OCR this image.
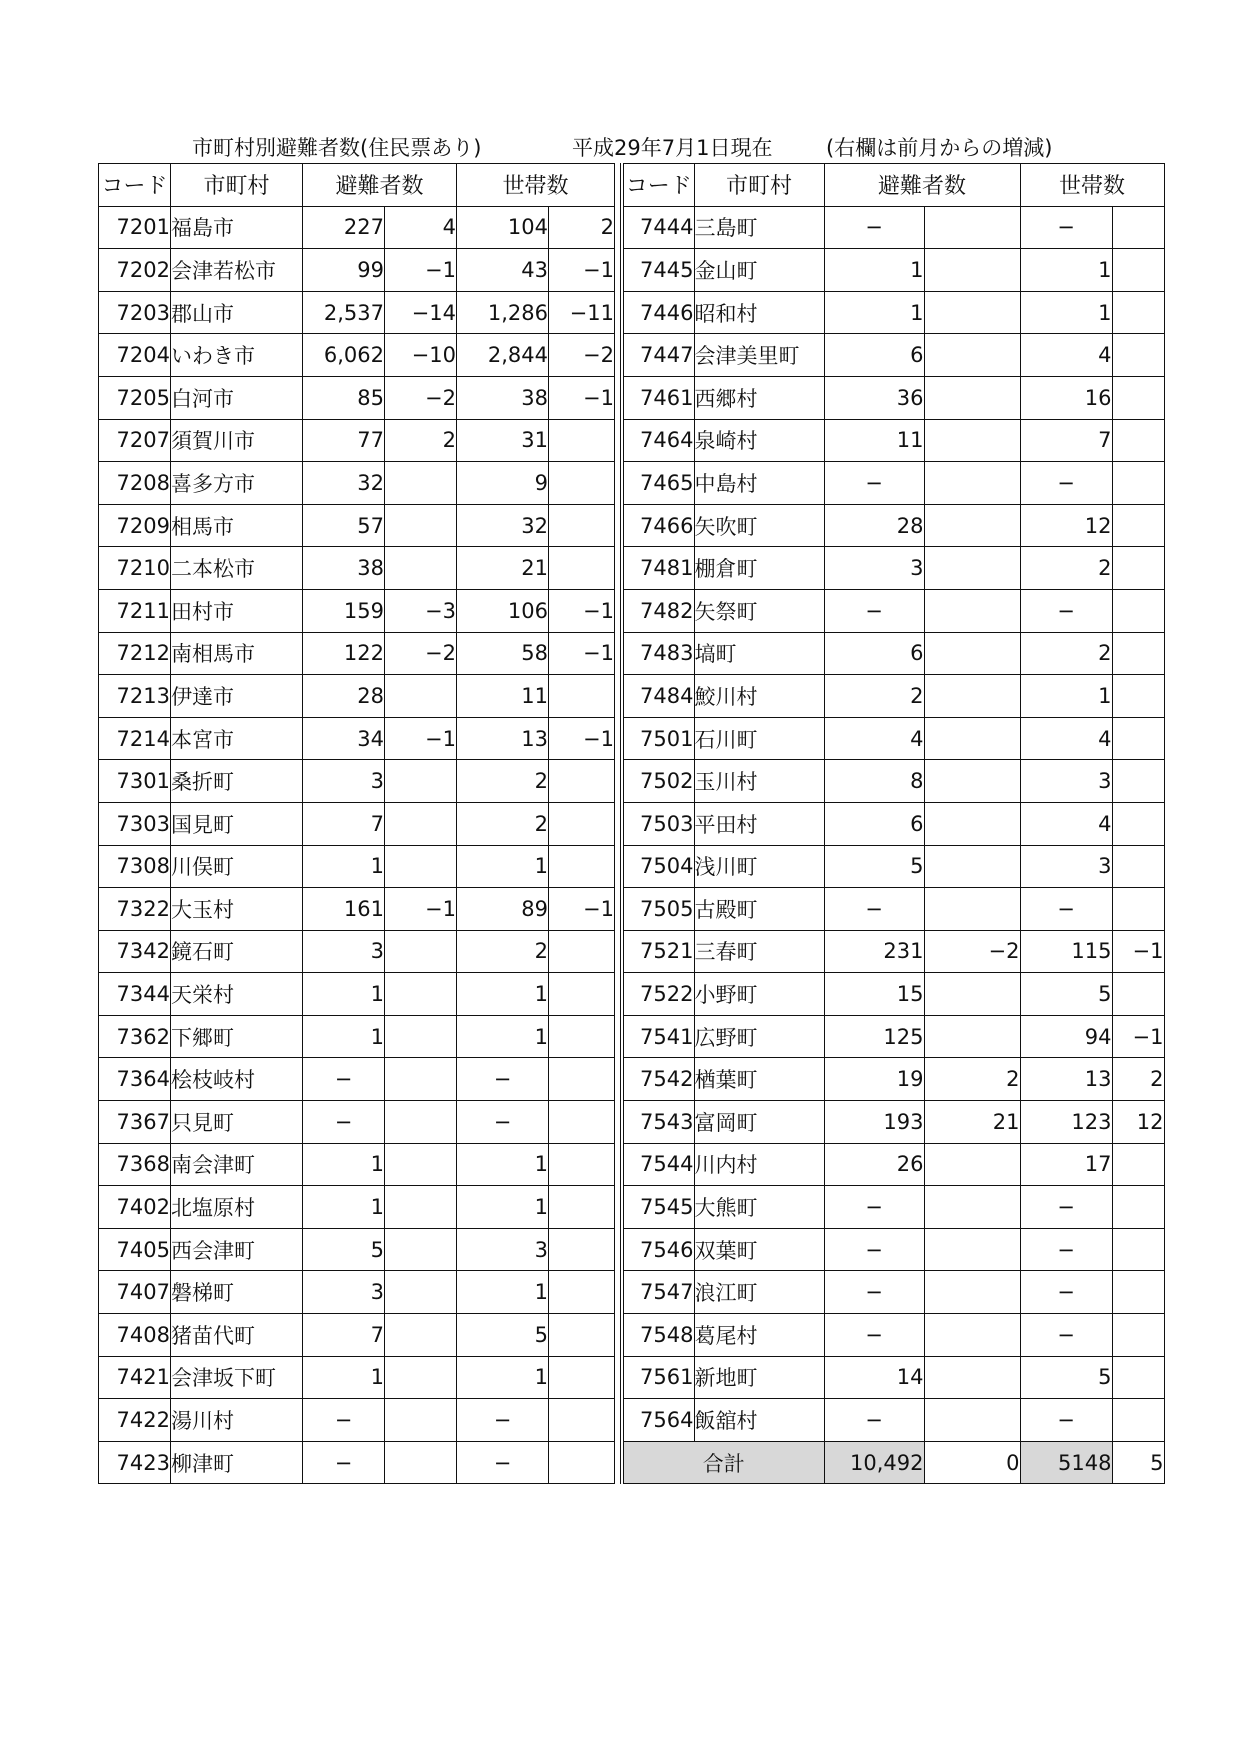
市町村別避難者数(住民票あり)	平成29年7月1日現在	(右欄は前月からの増減)
コード	市町村	避難者数		世帯数	
7201	福島市	227	4	104	2
7202	会津若松市	99	−1	43	−1
7203	郡山市	2,537	−14	1,286	−11
7204	いわき市	6,062	−10	2,844	−2
7205	白河市	85	−2	38	−1
7207	須賀川市	77	2	31	
7208	喜多方市	32		9	
7209	相馬市	57		32	
7210	二本松市	38		21	
7211	田村市	159	−3	106	−1
7212	南相馬市	122	−2	58	−1
7213	伊達市	28		11	
7214	本宮市	34	−1	13	−1
7301	桑折町	3		2	
7303	国見町	7		2	
7308	川俣町	1		1	
7322	大玉村	161	−1	89	−1
7342	鏡石町	3		2	
7344	天栄村	1		1	
7362	下郷町	1		1	
7364	桧枝岐村	−		−	
7367	只見町	−		−	
7368	南会津町	1		1	
7402	北塩原村	1		1	
7405	西会津町	5		3	
7407	磐梯町	3		1	
7408	猪苗代町	7		5	
7421	会津坂下町	1		1	
7422	湯川村	−		−	
7423	柳津町	−		−	
コード	市町村	避難者数		世帯数	
7444	三島町	−		−	
7445	金山町	1		1	
7446	昭和村	1		1	
7447	会津美里町	6		4	
7461	西郷村	36		16	
7464	泉崎村	11		7	
7465	中島村	−		−	
7466	矢吹町	28		12	
7481	棚倉町	3		2	
7482	矢祭町	−		−	
7483	塙町	6		2	
7484	鮫川村	2		1	
7501	石川町	4		4	
7502	玉川村	8		3	
7503	平田村	6		4	
7504	浅川町	5		3	
7505	古殿町	−		−	
7521	三春町	231	−2	115	−1
7522	小野町	15		5	
7541	広野町	125		94	−1
7542	楢葉町	19	2	13	2
7543	富岡町	193	21	123	12
7544	川内村	26		17	
7545	大熊町	−		−	
7546	双葉町	−		−	
7547	浪江町	−		−	
7548	葛尾村	−		−	
7561	新地町	14		5	
7564	飯舘村	−		−	
合計		10,492	0	5148	5
